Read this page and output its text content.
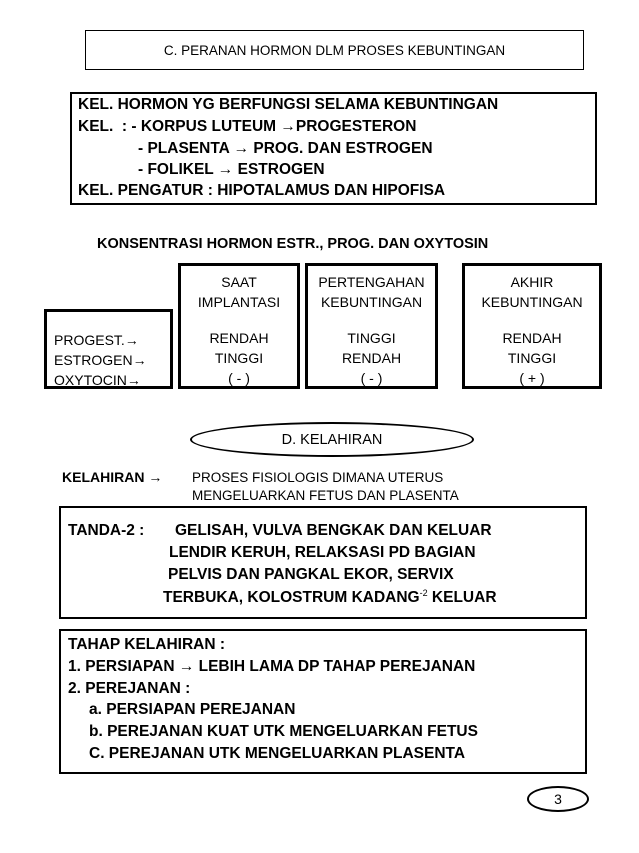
C. PERANAN HORMON DLM PROSES KEBUNTINGAN
KEL. HORMON YG BERFUNGSI SELAMA KEBUNTINGAN
KEL.  : - KORPUS LUTEUM →PROGESTERON
- PLASENTA → PROG. DAN ESTROGEN
- FOLIKEL → ESTROGEN
KEL. PENGATUR : HIPOTALAMUS DAN HIPOFISA
KONSENTRASI HORMON ESTR., PROG. DAN OXYTOSIN
PROGEST.→
ESTROGEN→
OXYTOCIN→
SAAT
IMPLANTASI
RENDAH
TINGGI
( - )
PERTENGAHAN
KEBUNTINGAN
TINGGI
RENDAH
( - )
AKHIR
KEBUNTINGAN
RENDAH
TINGGI
( + )
D. KELAHIRAN
KELAHIRAN → PROSES FISIOLOGIS DIMANA UTERUS
MENGELUARKAN FETUS DAN PLASENTA
TANDA-2 : GELISAH, VULVA BENGKAK DAN KELUAR
LENDIR KERUH, RELAKSASI PD BAGIAN
PELVIS DAN PANGKAL EKOR, SERVIX
TERBUKA, KOLOSTRUM $KADANG^{-2}$ KELUAR
TAHAP KELAHIRAN :
1. PERSIAPAN → LEBIH LAMA DP TAHAP PEREJANAN
2. PEREJANAN :
a. PERSIAPAN PEREJANAN
b. PEREJANAN KUAT UTK MENGELUARKAN FETUS
C. PEREJANAN UTK MENGELUARKAN PLASENTA
3
